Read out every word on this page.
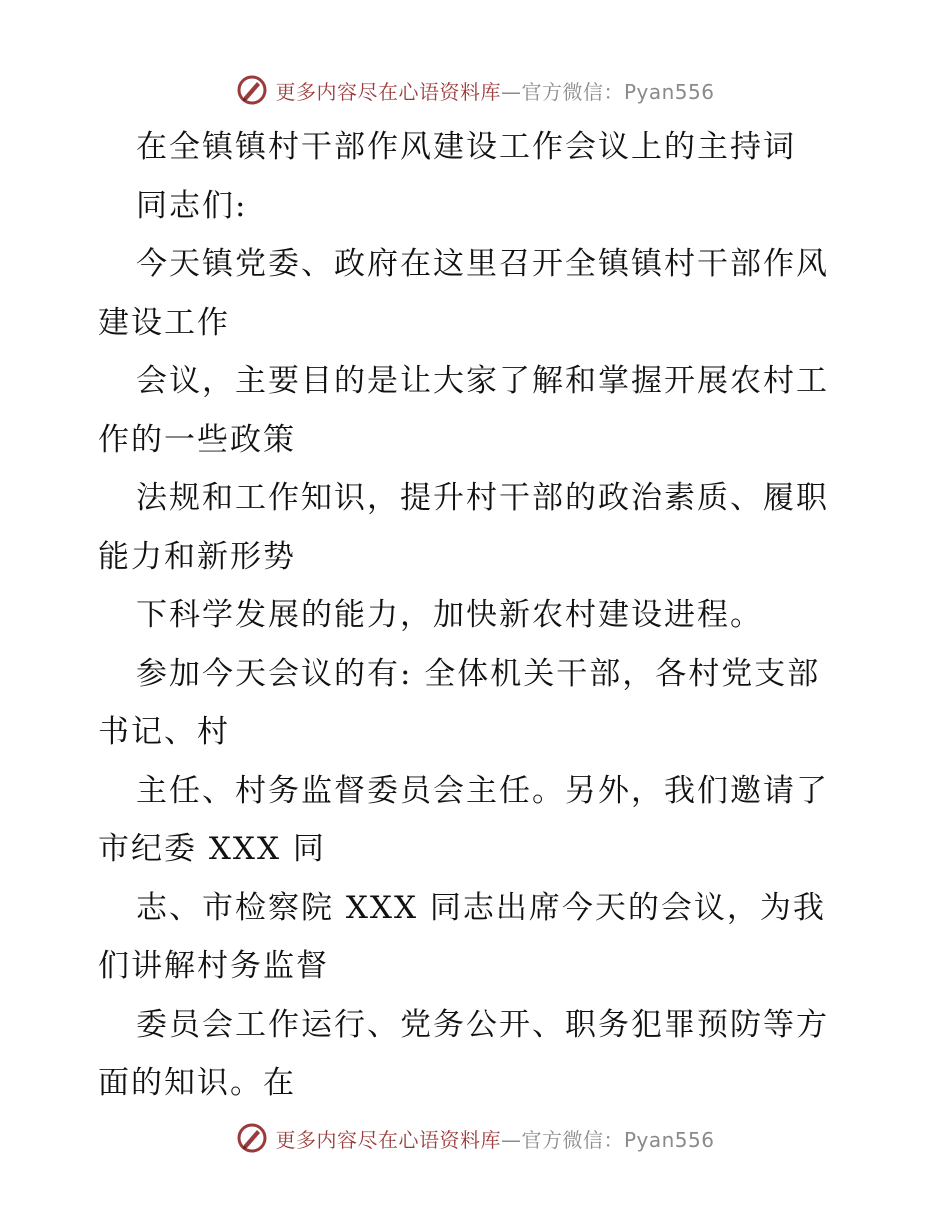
更多内容尽在心语资料库—官方微信：Pyan556

在全镇镇村干部作风建设工作会议上的主持词

同志们:

今天镇党委、政府在这里召开全镇镇村干部作风

建设工作

会议，主要目的是让大家了解和掌握开展农村工

作的一些政策

法规和工作知识，提升村干部的政治素质、履职

能力和新形势

下科学发展的能力，加快新农村建设进程。

参加今天会议的有: 全体机关干部，各村党支部

书记、村

主任、村务监督委员会主任。另外，我们邀请了

市纪委 XXX 同

志、市检察院 XXX 同志出席今天的会议，为我

们讲解村务监督

委员会工作运行、党务公开、职务犯罪预防等方

面的知识。在

更多内容尽在心语资料库—官方微信：Pyan556
